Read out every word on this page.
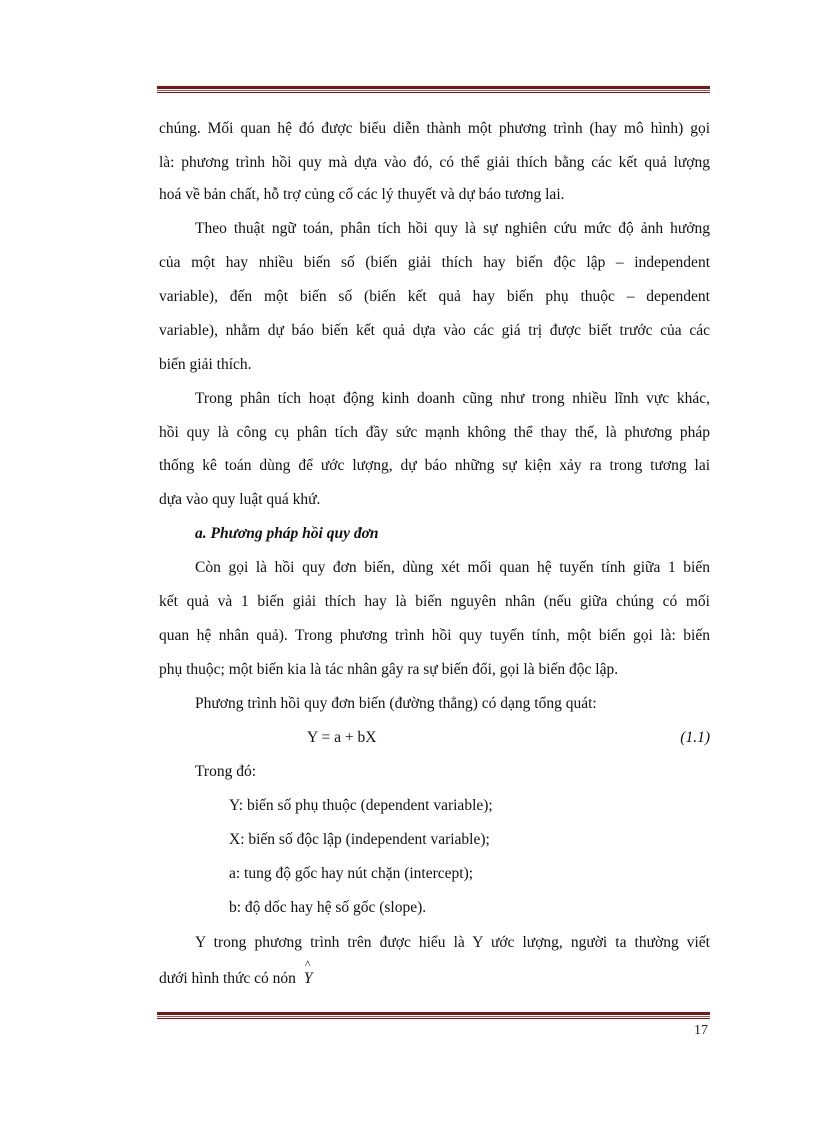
chúng. Mối quan hệ đó được biểu diễn thành một phương trình (hay mô hình) gọi

là: phương trình hồi quy mà dựa vào đó, có thể giải thích bằng các kết quả lượng

hoá về bản chất, hỗ trợ củng cố các lý thuyết và dự báo tương lai.

Theo thuật ngữ toán, phân tích hồi quy là sự nghiên cứu mức độ ảnh hưởng

của một hay nhiều biến số (biến giải thích hay biến độc lập – independent

variable), đến một biến số (biến kết quả hay biến phụ thuộc – dependent

variable), nhằm dự báo biến kết quả dựa vào các giá trị được biết trước của các

biến giải thích.

Trong phân tích hoạt động kinh doanh cũng như trong nhiều lĩnh vực khác,

hồi quy là công cụ phân tích đầy sức mạnh không thể thay thế, là phương pháp

thống kê toán dùng để ước lượng, dự báo những sự kiện xảy ra trong tương lai

dựa vào quy luật quá khứ.

a. Phương pháp hồi quy đơn

Còn gọi là hồi quy đơn biến, dùng xét mối quan hệ tuyến tính giữa 1 biến

kết quả và 1 biến giải thích hay là biến nguyên nhân (nếu giữa chúng có mối

quan hệ nhân quả). Trong phương trình hồi quy tuyến tính, một biến gọi là: biến

phụ thuộc; một biến kia là tác nhân gây ra sự biến đổi, gọi là biến độc lập.

Phương trình hồi quy đơn biến (đường thẳng) có dạng tổng quát:

Y = a + bX	(1.1)

Trong đó:

Y: biến số phụ thuộc (dependent variable);

X: biến số độc lập (independent variable);

a: tung độ gốc hay nút chặn (intercept);

b: độ dốc hay hệ số gốc (slope).

Y trong phương trình trên được hiểu là Y ước lượng, người ta thường viết

dưới hình thức có nón
^
Y

17
